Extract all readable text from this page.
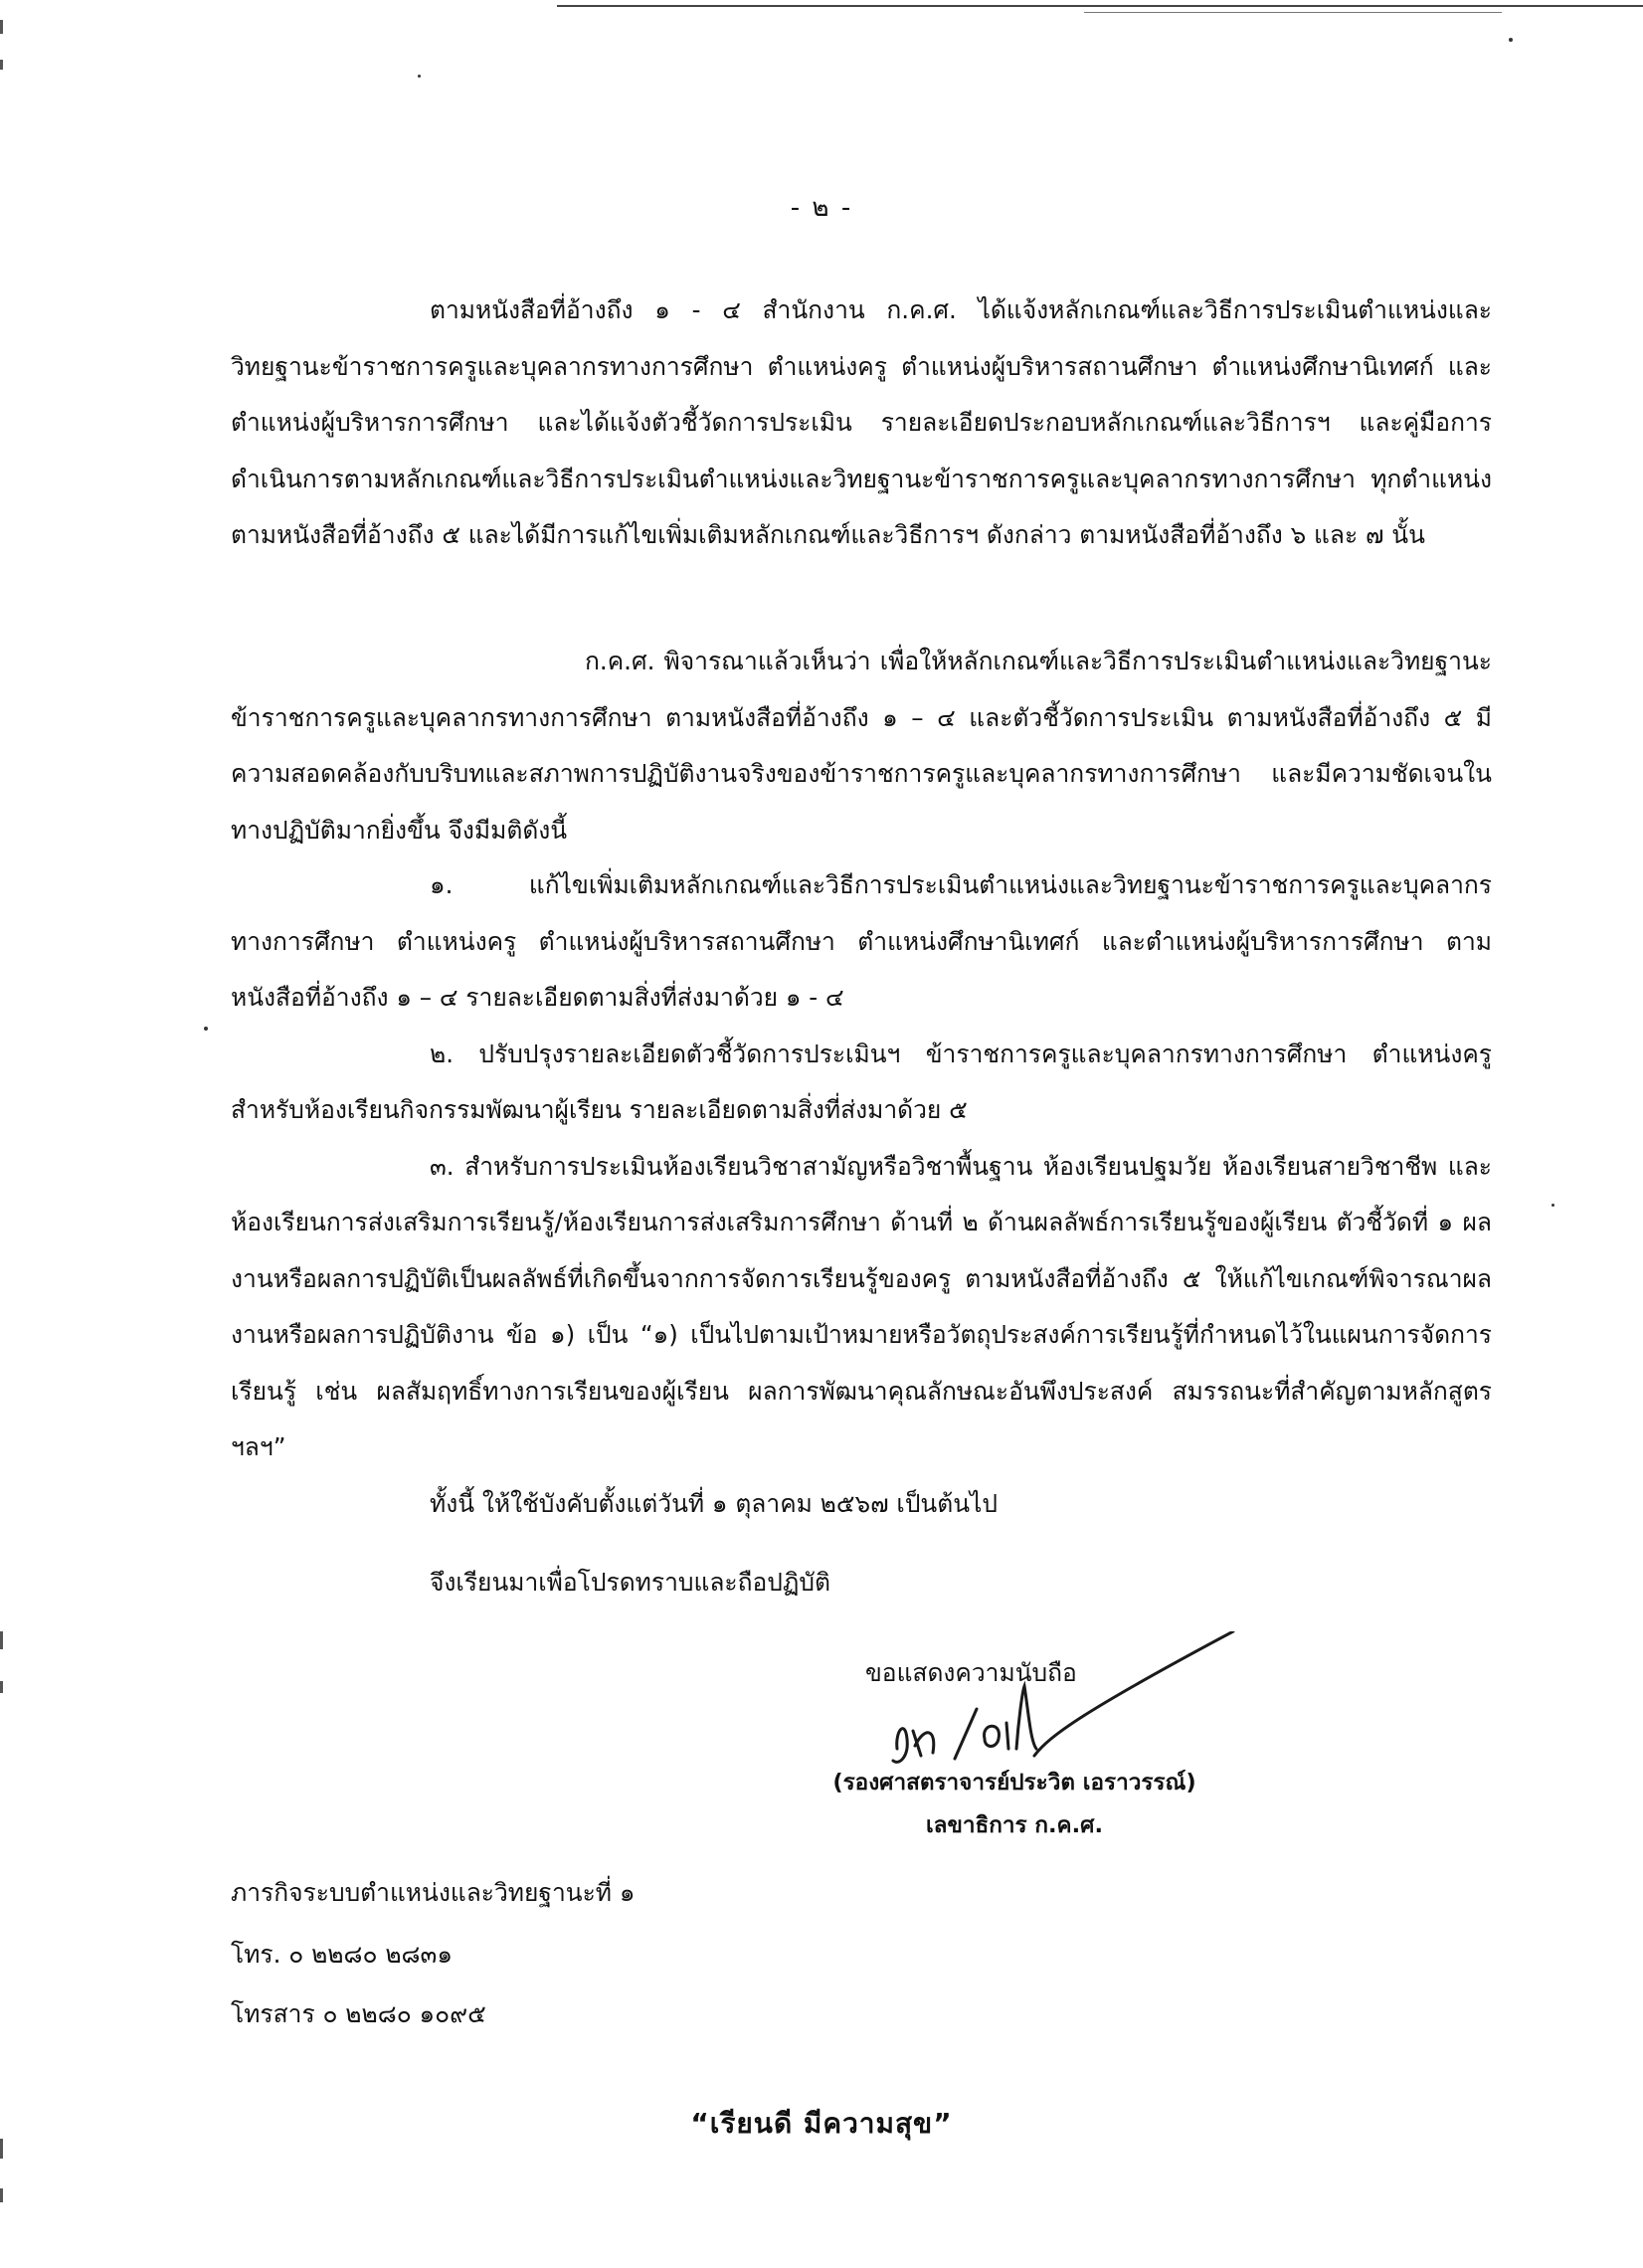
- ๒ -
ตามหนังสือที่อ้างถึง ๑ - ๔ สำนักงาน ก.ค.ศ. ได้แจ้งหลักเกณฑ์และวิธีการประเมินตำแหน่งและวิทยฐานะข้าราชการครูและบุคลากรทางการศึกษา ตำแหน่งครู ตำแหน่งผู้บริหารสถานศึกษา ตำแหน่งศึกษานิเทศก์ และตำแหน่งผู้บริหารการศึกษา และได้แจ้งตัวชี้วัดการประเมิน รายละเอียดประกอบหลักเกณฑ์และวิธีการฯ และคู่มือการดำเนินการตามหลักเกณฑ์และวิธีการประเมินตำแหน่งและวิทยฐานะข้าราชการครูและบุคลากรทางการศึกษา ทุกตำแหน่ง ตามหนังสือที่อ้างถึง ๕ และได้มีการแก้ไขเพิ่มเติมหลักเกณฑ์และวิธีการฯ ดังกล่าว ตามหนังสือที่อ้างถึง ๖ และ ๗ นั้น
ก.ค.ศ. พิจารณาแล้วเห็นว่า เพื่อให้หลักเกณฑ์และวิธีการประเมินตำแหน่งและวิทยฐานะข้าราชการครูและบุคลากรทางการศึกษา ตามหนังสือที่อ้างถึง ๑ – ๔ และตัวชี้วัดการประเมิน ตามหนังสือที่อ้างถึง ๕ มีความสอดคล้องกับบริบทและสภาพการปฏิบัติงานจริงของข้าราชการครูและบุคลากรทางการศึกษา และมีความชัดเจนในทางปฏิบัติมากยิ่งขึ้น จึงมีมติดังนี้
๑. แก้ไขเพิ่มเติมหลักเกณฑ์และวิธีการประเมินตำแหน่งและวิทยฐานะข้าราชการครูและบุคลากรทางการศึกษา ตำแหน่งครู ตำแหน่งผู้บริหารสถานศึกษา ตำแหน่งศึกษานิเทศก์ และตำแหน่งผู้บริหารการศึกษา ตามหนังสือที่อ้างถึง ๑ – ๔ รายละเอียดตามสิ่งที่ส่งมาด้วย ๑ - ๔
๒. ปรับปรุงรายละเอียดตัวชี้วัดการประเมินฯ ข้าราชการครูและบุคลากรทางการศึกษา ตำแหน่งครู สำหรับห้องเรียนกิจกรรมพัฒนาผู้เรียน รายละเอียดตามสิ่งที่ส่งมาด้วย ๕
๓. สำหรับการประเมินห้องเรียนวิชาสามัญหรือวิชาพื้นฐาน ห้องเรียนปฐมวัย ห้องเรียนสายวิชาชีพ และห้องเรียนการส่งเสริมการเรียนรู้/ห้องเรียนการส่งเสริมการศึกษา ด้านที่ ๒ ด้านผลลัพธ์การเรียนรู้ของผู้เรียน ตัวชี้วัดที่ ๑ ผลงานหรือผลการปฏิบัติเป็นผลลัพธ์ที่เกิดขึ้นจากการจัดการเรียนรู้ของครู ตามหนังสือที่อ้างถึง ๕ ให้แก้ไขเกณฑ์พิจารณาผลงานหรือผลการปฏิบัติงาน ข้อ ๑) เป็น “๑) เป็นไปตามเป้าหมายหรือวัตถุประสงค์การเรียนรู้ที่กำหนดไว้ในแผนการจัดการเรียนรู้ เช่น ผลสัมฤทธิ์ทางการเรียนของผู้เรียน ผลการพัฒนาคุณลักษณะอันพึงประสงค์ สมรรถนะที่สำคัญตามหลักสูตร ฯลฯ”
ทั้งนี้ ให้ใช้บังคับตั้งแต่วันที่ ๑ ตุลาคม ๒๕๖๗ เป็นต้นไป
จึงเรียนมาเพื่อโปรดทราบและถือปฏิบัติ
ขอแสดงความนับถือ
(รองศาสตราจารย์ประวิต เอราวรรณ์)
เลขาธิการ ก.ค.ศ.
ภารกิจระบบตำแหน่งและวิทยฐานะที่ ๑
โทร. ๐ ๒๒๘๐ ๒๘๓๑
โทรสาร ๐ ๒๒๘๐ ๑๐๙๕
“เรียนดี มีความสุข”
